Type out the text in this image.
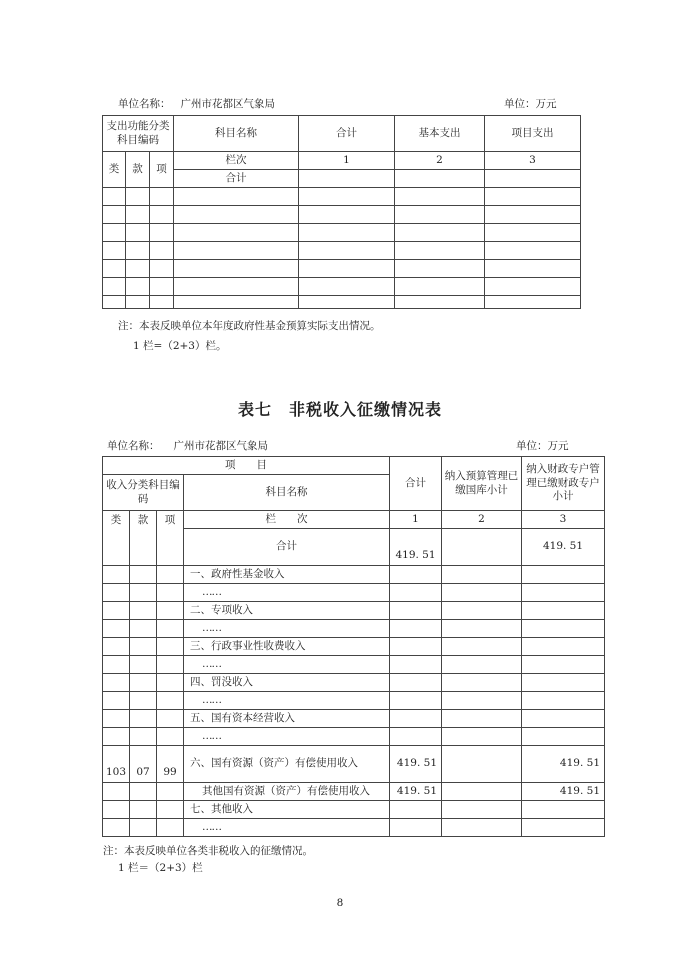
单位名称： 广州市花都区气象局	单位：万元
支出功能分类科目编码			科目名称	合计	基本支出	项目支出

类	款	项	栏次	1	2	3
			合计			

注：本表反映单位本年度政府性基金预算实际支出情况。
1 栏=（2+3）栏。
表七　非税收入征缴情况表
单位名称： 广州市花都区气象局	单位：万元
项　　目				合计	纳入预算管理已缴国库小计	纳入财政专户管理已缴财政专户小计
收入分类科目编码			科目名称			

类	款	项	栏　　次	1	2	3
			合计	419. 51		419. 51
			一、政府性基金收入			
			……			
			二、专项收入			
			……			
			三、行政事业性收费收入			
			……			
			四、罚没收入			
			……			
			五、国有资本经营收入			
			……			
103	07	99	六、国有资源（资产）有偿使用收入	419. 51		419. 51
			其他国有资源（资产）有偿使用收入	419. 51		419. 51
			七、其他收入			
			……			
注：本表反映单位各类非税收入的征缴情况。
1 栏＝（2+3）栏
8
